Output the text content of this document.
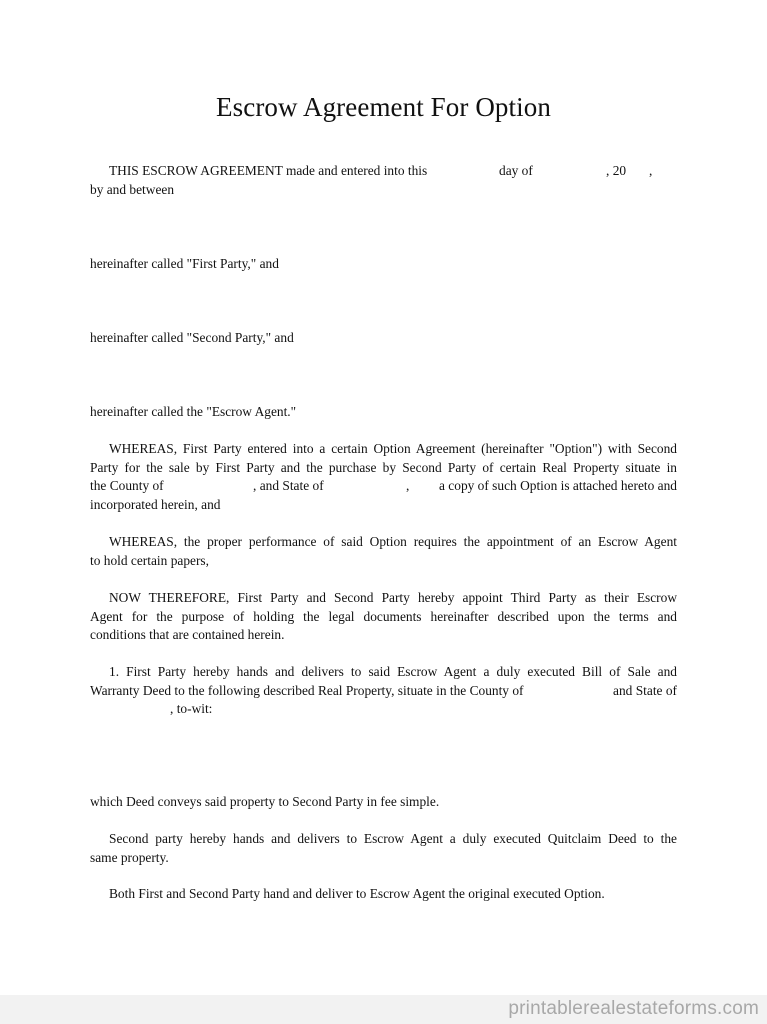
Escrow Agreement For Option
THIS ESCROW AGREEMENT made and entered into this	day of	, 20 ,
by and between
hereinafter called "First Party," and
hereinafter called "Second Party," and
hereinafter called the "Escrow Agent."
WHEREAS, First Party entered into a certain Option Agreement (hereinafter "Option") with Second
Party for the sale by First Party and the purchase by Second Party of certain Real Property situate in
the County of	, and State of	, a copy of such Option is attached hereto and
incorporated herein, and
WHEREAS, the proper performance of said Option requires the appointment of an Escrow Agent
to hold certain papers,
NOW THEREFORE, First Party and Second Party hereby appoint Third Party as their Escrow
Agent for the purpose of holding the legal documents hereinafter described upon the terms and
conditions that are contained herein.
1. First Party hereby hands and delivers to said Escrow Agent a duly executed Bill of Sale and
Warranty Deed to the following described Real Property, situate in the County of	and State of
, to-wit:
which Deed conveys said property to Second Party in fee simple.
Second party hereby hands and delivers to Escrow Agent a duly executed Quitclaim Deed to the
same property.
Both First and Second Party hand and deliver to Escrow Agent the original executed Option.
printablerealestateforms.com
